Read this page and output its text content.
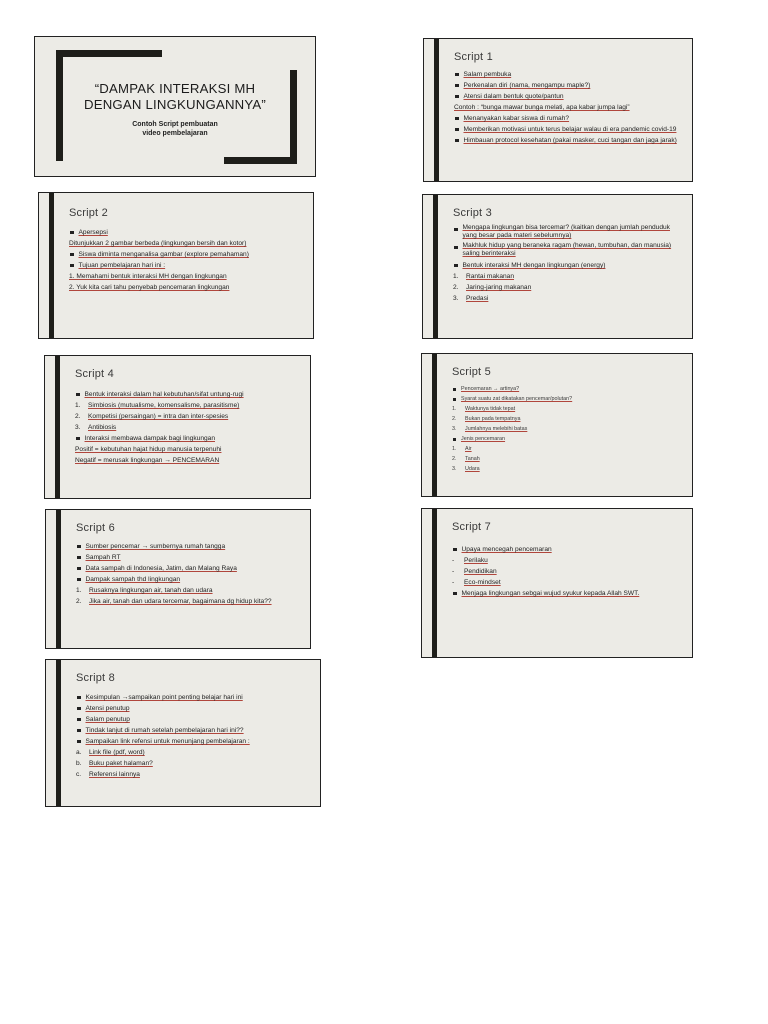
“DAMPAK INTERAKSI MH
DENGAN LINGKUNGANNYA”
Contoh Script pembuatan
video pembelajaran
Script 1
Salam pembuka
Perkenalan diri (nama, mengampu maple?)
Atensi dalam bentuk quote/pantun
Contoh : “bunga mawar bunga melati, apa kabar jumpa lagi”
Menanyakan kabar siswa di rumah?
Memberikan motivasi untuk terus belajar walau di era pandemic covid-19
Himbauan protocol kesehatan (pakai masker, cuci tangan dan jaga jarak)
Script 2
Apersepsi
Ditunjukkan 2 gambar berbeda (lingkungan bersih dan kotor)
Siswa diminta menganalisa gambar (explore pemahaman)
Tujuan pembelajaran hari ini :
1. Memahami bentuk interaksi MH dengan lingkungan
2. Yuk kita cari tahu penyebab pencemaran lingkungan
Script 3
Mengapa lingkungan bisa tercemar? (kaitkan dengan jumlah penduduk yang besar pada materi sebelumnya)
Makhluk hidup yang beraneka ragam (hewan, tumbuhan, dan manusia) saling berinteraksi
Bentuk interaksi MH dengan lingkungan (energy)
1.	Rantai makanan
2.	Jaring-jaring makanan
3.	Predasi
Script 4
Bentuk interaksi dalam hal kebutuhan/sifat untung-rugi
1.	Simbiosis (mutualisme, komensalisme, parasitisme)
2.	Kompetisi (persaingan) = intra dan inter-spesies
3.	Antibiosis
Interaksi membawa dampak bagi lingkungan
Positif = kebutuhan hajat hidup manusia terpenuhi
Negatif = merusak lingkungan → PENCEMARAN
Script 5
Pencemaran → artinya?
Syarat suatu zat dikatakan pencemar/polutan?
1.	Waktunya tidak tepat
2.	Bukan pada tempatnya
3.	Jumlahnya melebihi batas
Jenis pencemaran
1.	Air
2.	Tanah
3.	Udara
Script 6
Sumber pencemar → sumbernya rumah tangga
Sampah RT
Data sampah di Indonesia, Jatim, dan Malang Raya
Dampak sampah thd lingkungan
1.	Rusaknya lingkungan air, tanah dan udara
2.	Jika air, tanah dan udara tercemar, bagaimana dg hidup kita??
Script 7
Upaya mencegah pencemaran
-	Perilaku
-	Pendidikan
-	Eco-mindset
Menjaga lingkungan sebgai wujud syukur kepada Allah SWT.
Script 8
Kesimpulan →sampaikan point penting belajar hari ini
Atensi penutup
Salam penutup
Tindak lanjut di rumah setelah pembelajaran hari ini??
Sampaikan link refensi untuk menunjang pembelajaran :
a.	Link file (pdf, word)
b.	Buku paket halaman?
c.	Referensi lainnya
